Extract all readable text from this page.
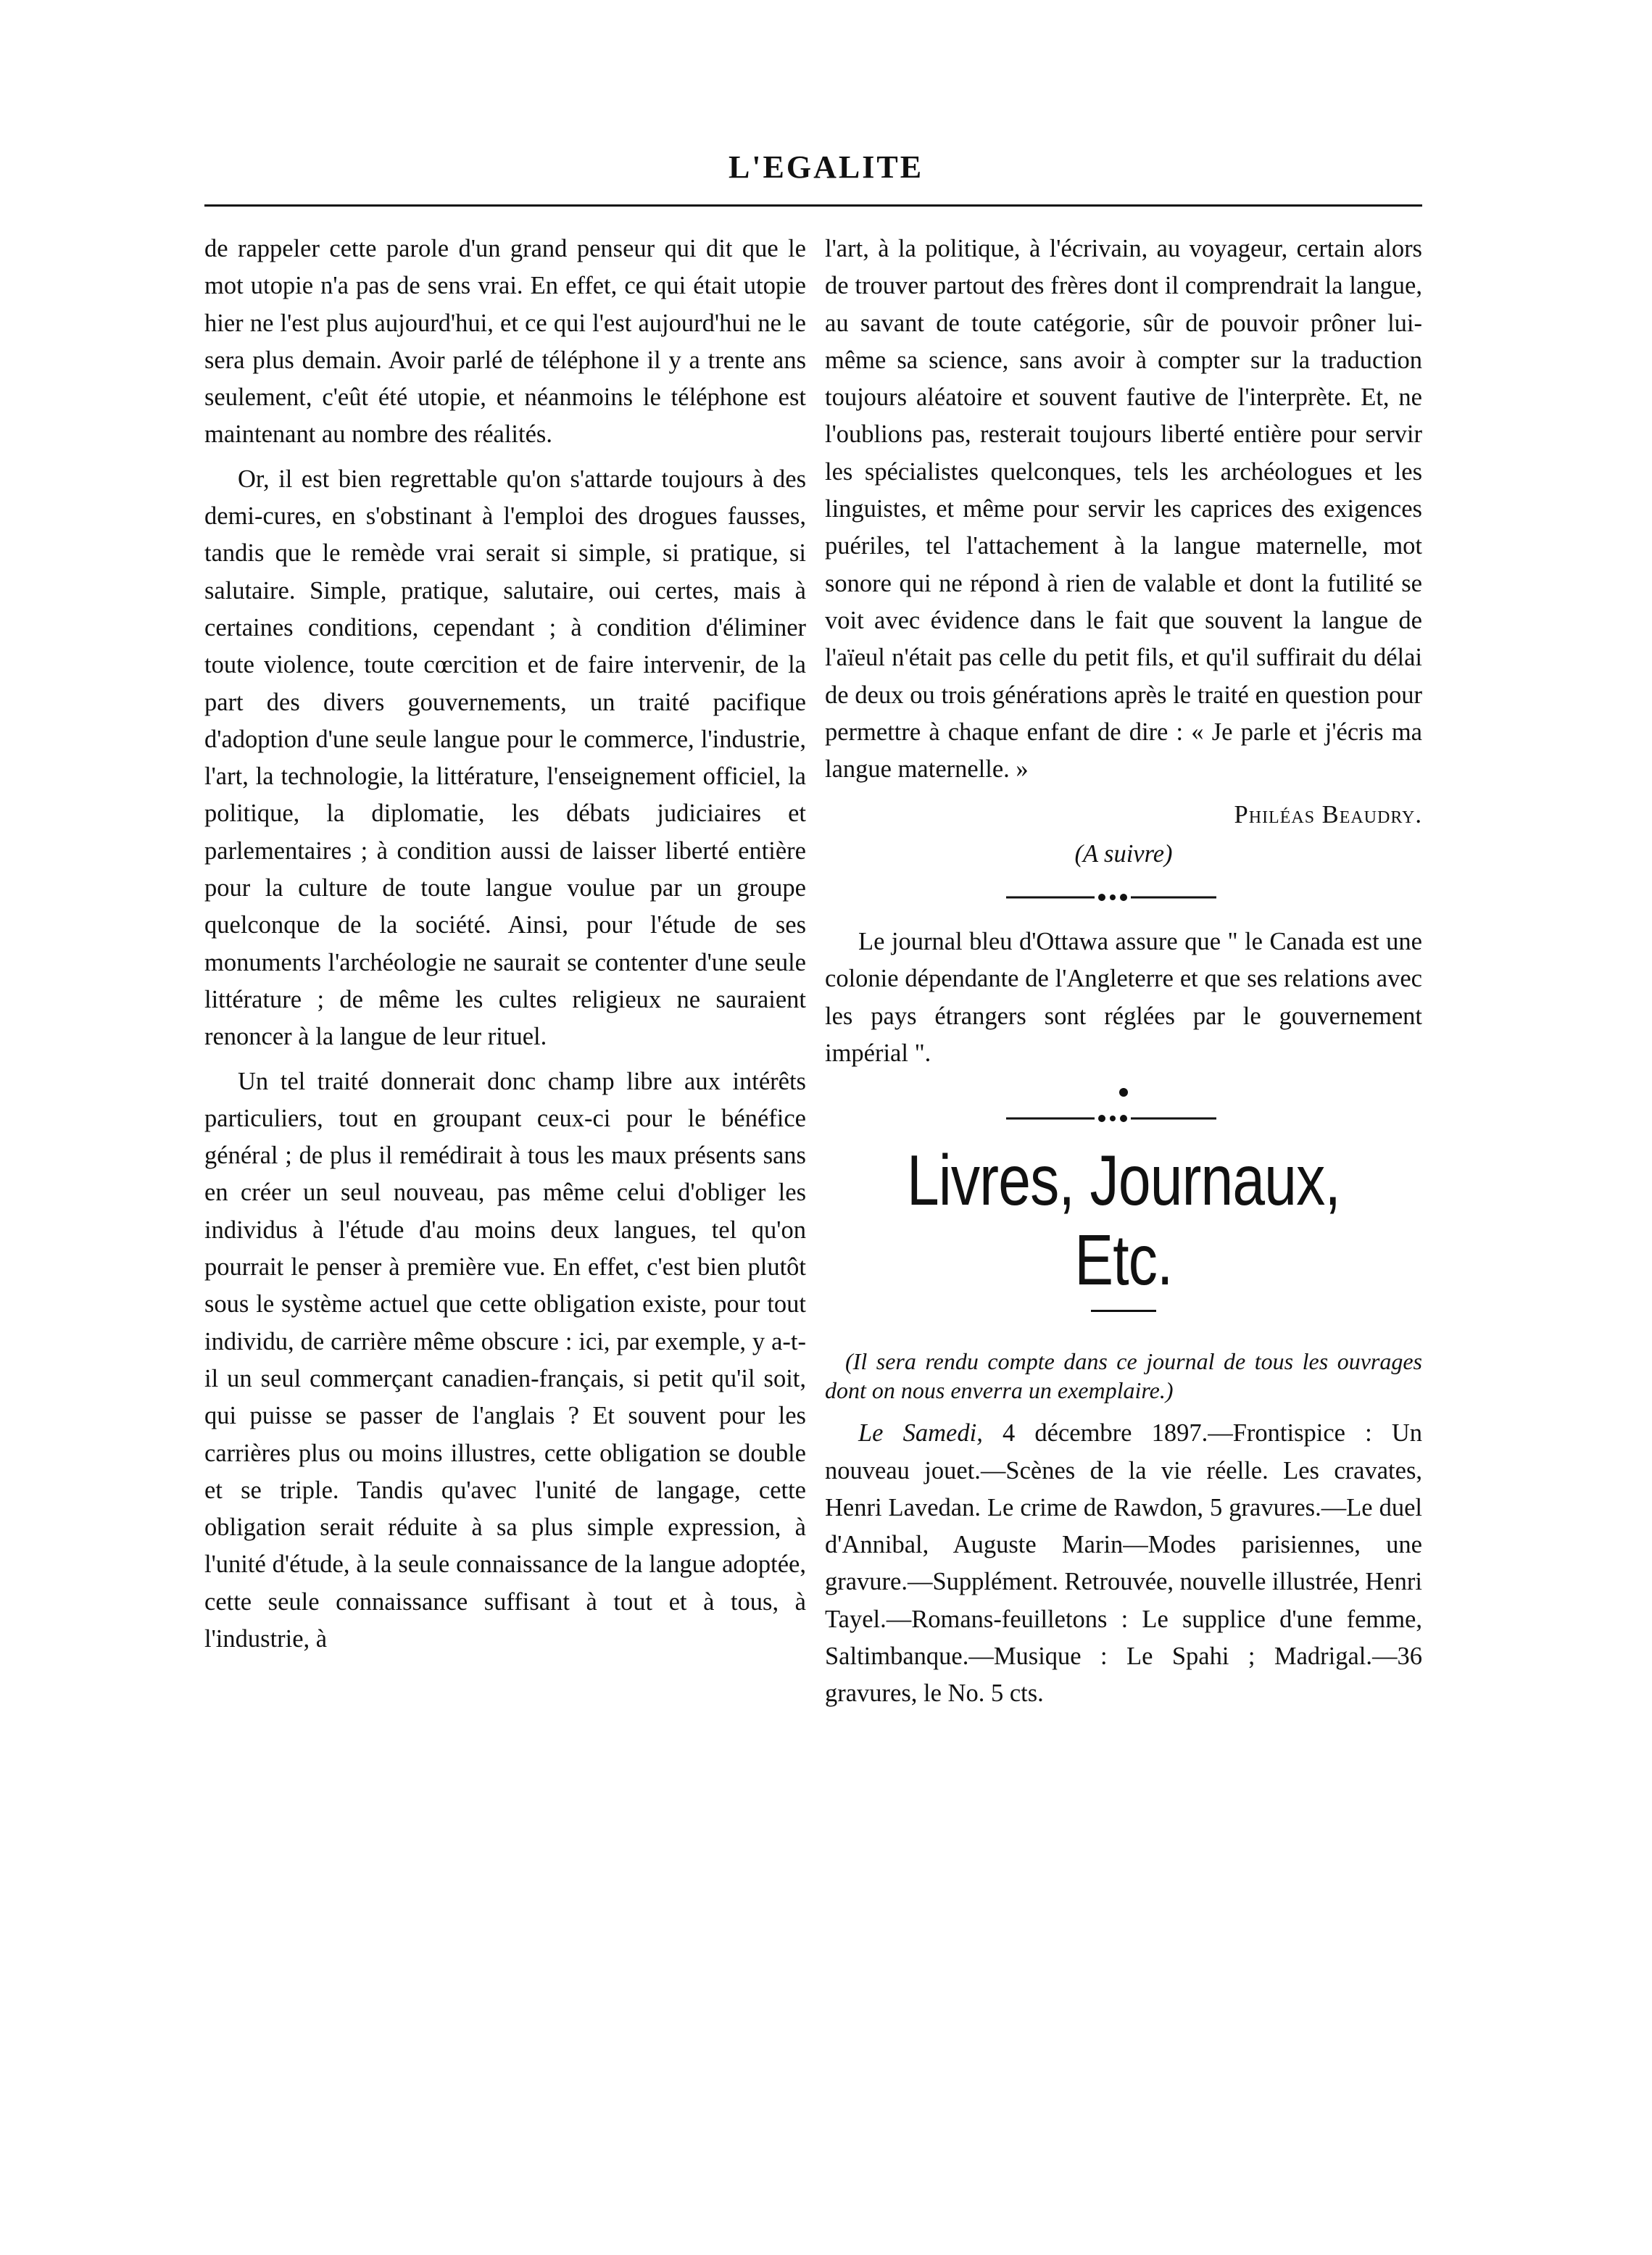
L'EGALITE

de rappeler cette parole d'un grand penseur qui dit que le mot utopie n'a pas de sens vrai. En effet, ce qui était utopie hier ne l'est plus aujourd'hui, et ce qui l'est aujourd'hui ne le sera plus demain. Avoir parlé de téléphone il y a trente ans seulement, c'eût été utopie, et néanmoins le téléphone est maintenant au nombre des réalités.

Or, il est bien regrettable qu'on s'attarde toujours à des demi-cures, en s'obstinant à l'emploi des drogues fausses, tandis que le remède vrai serait si simple, si pratique, si salutaire. Simple, pratique, salutaire, oui certes, mais à certaines conditions, cependant ; à condition d'éliminer toute violence, toute cœrcition et de faire intervenir, de la part des divers gouvernements, un traité pacifique d'adoption d'une seule langue pour le commerce, l'industrie, l'art, la technologie, la littérature, l'enseignement officiel, la politique, la diplomatie, les débats judiciaires et parlementaires ; à condition aussi de laisser liberté entière pour la culture de toute langue voulue par un groupe quelconque de la société. Ainsi, pour l'étude de ses monuments l'archéologie ne saurait se contenter d'une seule littérature ; de même les cultes religieux ne sauraient renoncer à la langue de leur rituel.

Un tel traité donnerait donc champ libre aux intérêts particuliers, tout en groupant ceux-ci pour le bénéfice général ; de plus il remédirait à tous les maux présents sans en créer un seul nouveau, pas même celui d'obliger les individus à l'étude d'au moins deux langues, tel qu'on pourrait le penser à première vue. En effet, c'est bien plutôt sous le système actuel que cette obligation existe, pour tout individu, de carrière même obscure : ici, par exemple, y a-t-il un seul commerçant canadien-français, si petit qu'il soit, qui puisse se passer de l'anglais ? Et souvent pour les carrières plus ou moins illustres, cette obligation se double et se triple. Tandis qu'avec l'unité de langage, cette obligation serait réduite à sa plus simple expression, à l'unité d'étude, à la seule connaissance de la langue adoptée, cette seule connaissance suffisant à tout et à tous, à l'industrie, à

l'art, à la politique, à l'écrivain, au voyageur, certain alors de trouver partout des frères dont il comprendrait la langue, au savant de toute catégorie, sûr de pouvoir prôner lui-même sa science, sans avoir à compter sur la traduction toujours aléatoire et souvent fautive de l'interprète. Et, ne l'oublions pas, resterait toujours liberté entière pour servir les spécialistes quelconques, tels les archéologues et les linguistes, et même pour servir les caprices des exigences puériles, tel l'attachement à la langue maternelle, mot sonore qui ne répond à rien de valable et dont la futilité se voit avec évidence dans le fait que souvent la langue de l'aïeul n'était pas celle du petit fils, et qu'il suffirait du délai de deux ou trois générations après le traité en question pour permettre à chaque enfant de dire : « Je parle et j'écris ma langue maternelle. »

Philéas Beaudry.
(A suivre)

Le journal bleu d'Ottawa assure que " le Canada est une colonie dépendante de l'Angleterre et que ses relations avec les pays étrangers sont réglées par le gouvernement impérial ".

Livres, Journaux, Etc.

(Il sera rendu compte dans ce journal de tous les ouvrages dont on nous enverra un exemplaire.)

Le Samedi, 4 décembre 1897.—Frontispice : Un nouveau jouet.—Scènes de la vie réelle. Les cravates, Henri Lavedan. Le crime de Rawdon, 5 gravures.—Le duel d'Annibal, Auguste Marin—Modes parisiennes, une gravure.—Supplément. Retrouvée, nouvelle illustrée, Henri Tayel.—Romans-feuilletons : Le supplice d'une femme, Saltimbanque.—Musique : Le Spahi ; Madrigal.—36 gravures, le No. 5 cts.
